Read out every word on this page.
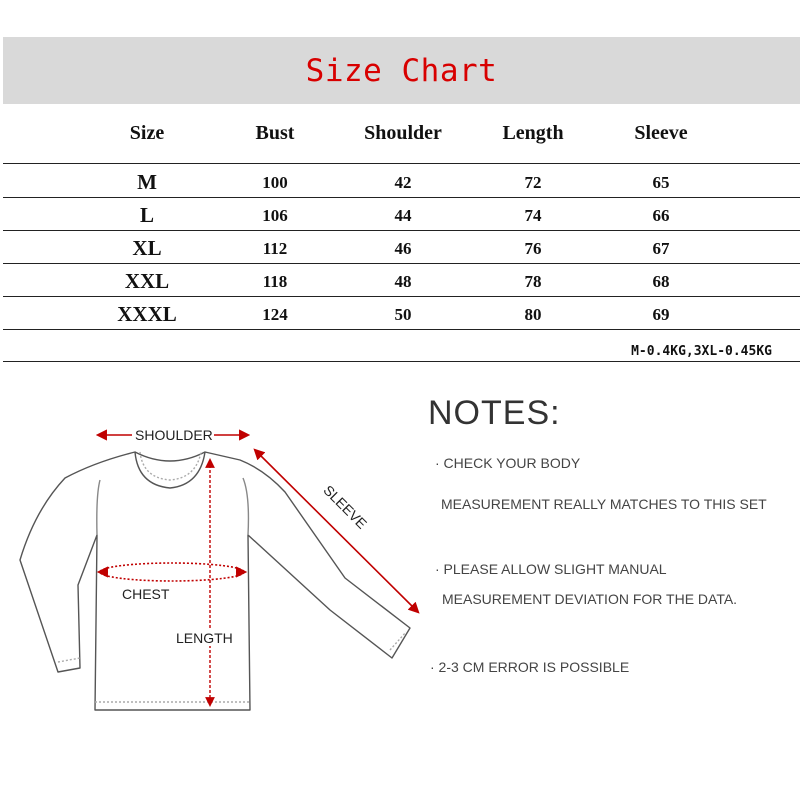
Size Chart
Size	Bust	Shoulder	Length	Sleeve
M	100	42	72	65
L	106	44	74	66
XL	112	46	76	67
XXL	118	48	78	68
XXXL	124	50	80	69
M-0.4KG,3XL-0.45KG
SHOULDER
SLEEVE
CHEST
LENGTH
NOTES:
· CHECK YOUR BODY
MEASUREMENT REALLY MATCHES TO THIS SET
· PLEASE ALLOW SLIGHT MANUAL
MEASUREMENT DEVIATION FOR THE DATA.
· 2-3 CM ERROR IS POSSIBLE
